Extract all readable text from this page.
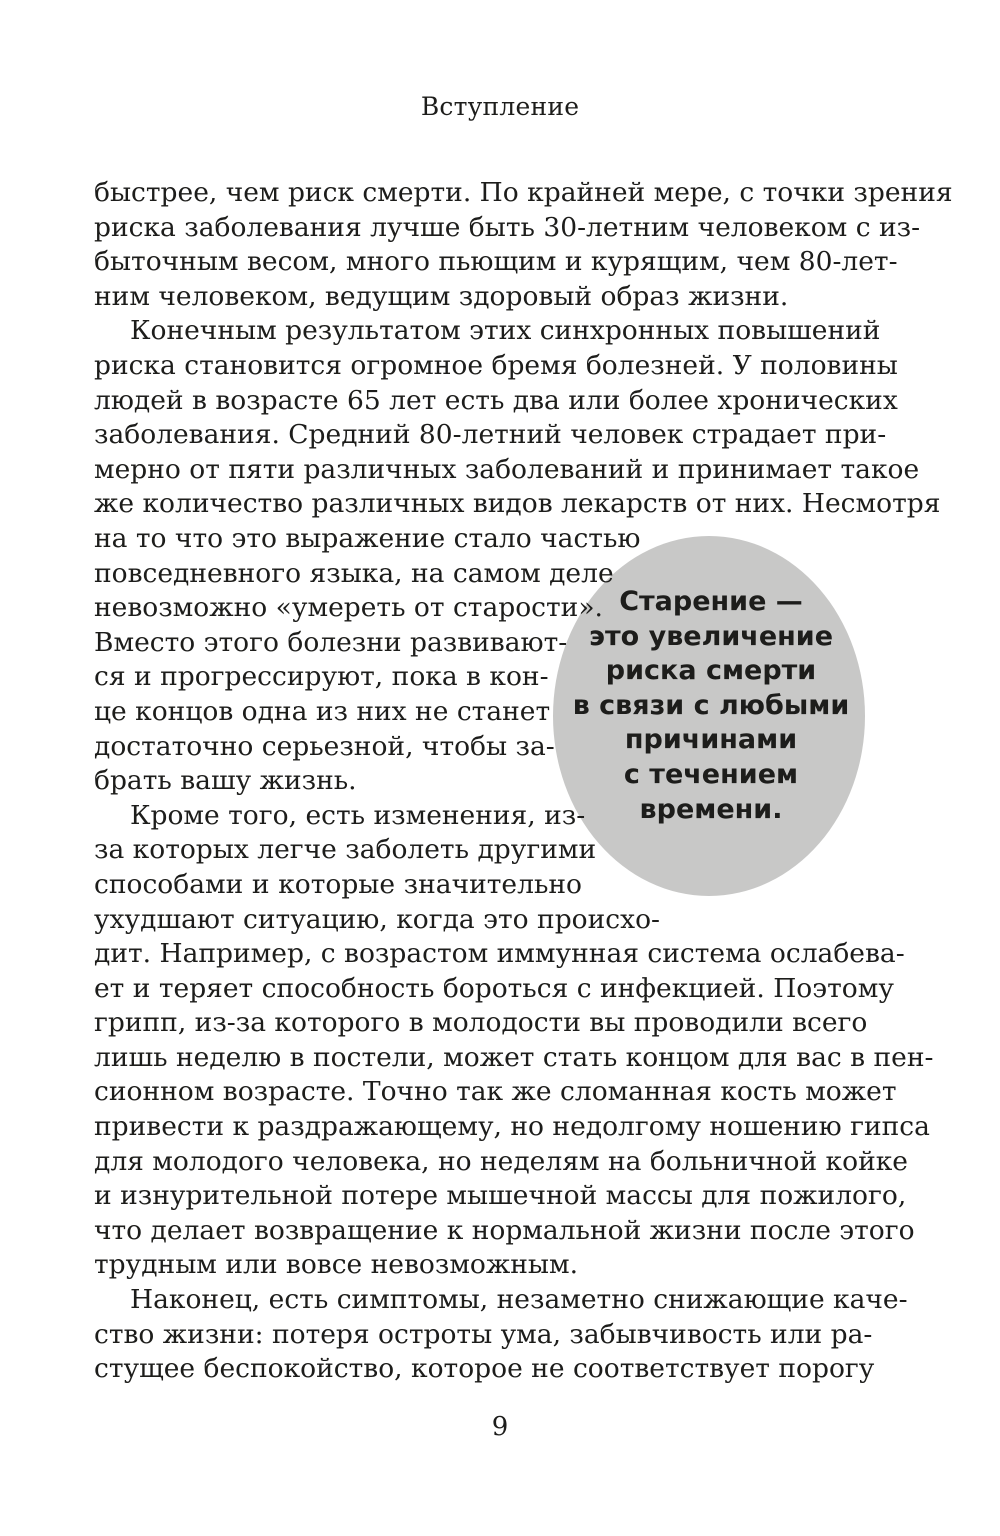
Вступление
быстрее, чем риск смерти. По крайней мере, с точки зрения
риска заболевания лучше быть 30-летним человеком с из-
быточным весом, много пьющим и курящим, чем 80-лет-
ним человеком, ведущим здоровый образ жизни.
Конечным результатом этих синхронных повышений
риска становится огромное бремя болезней. У половины
людей в возрасте 65 лет есть два или более хронических
заболевания. Средний 80-летний человек страдает при-
мерно от пяти различных заболеваний и принимает такое
же количество различных видов лекарств от них. Несмотря
Старение —
это увеличение
риска смерти
в связи с любыми
причинами
с течением
времени.
на то что это выражение стало частью
повседневного языка, на самом деле
невозможно «умереть от старости».
Вместо этого болезни развивают-
ся и прогрессируют, пока в кон-
це концов одна из них не станет
достаточно серьезной, чтобы за-
брать вашу жизнь.
Кроме того, есть изменения, из-
за которых легче заболеть другими
способами и которые значительно
ухудшают ситуацию, когда это происхо-
дит. Например, с возрастом иммунная система ослабева-
ет и теряет способность бороться с инфекцией. Поэтому
грипп, из-за которого в молодости вы проводили всего
лишь неделю в постели, может стать концом для вас в пен-
сионном возрасте. Точно так же сломанная кость может
привести к раздражающему, но недолгому ношению гипса
для молодого человека, но неделям на больничной койке
и изнурительной потере мышечной массы для пожилого,
что делает возвращение к нормальной жизни после этого
трудным или вовсе невозможным.
Наконец, есть симптомы, незаметно снижающие каче-
ство жизни: потеря остроты ума, забывчивость или ра-
стущее беспокойство, которое не соответствует порогу
9
